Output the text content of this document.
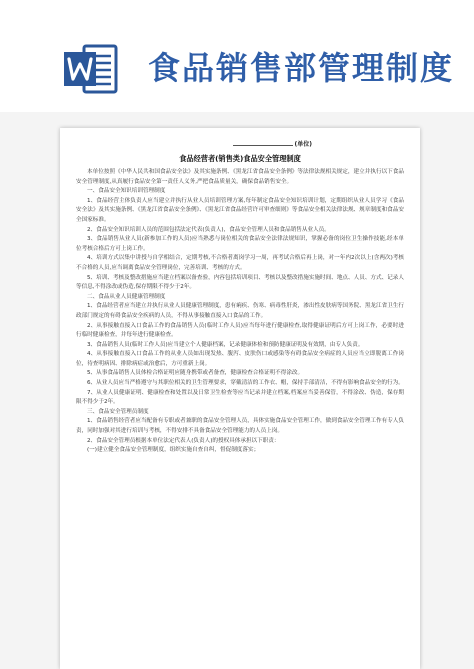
食品销售部管理制度
(单位)
食品经营者(销售类)食品安全管理制度

本单位按照《中华人民共和国食品安全法》及其实施条例、《黑龙江省食品安全条例》等法律法规相关规定，建立并执行以下食品安全管理制度,从真履行食品安全第一责任人义务,严把食品质量关，确保食品销售安全。

一、食品安全知识培训管理制度

1、食品经营主体负责人应当建立并执行从业人员培训管理方案,每年制定食品安全知识培训计划，定期组织从业人员学习《食品安全法》及其实施条例、《黑龙江省食品安全条例》、《黑龙江省食品经营许可审查细则》等食品安全相关法律法规、规章制度和食品安全国家标准。

2、食品安全知识培训人员的范围包括法定代表(负责人)，食品安全管理人员和食品销售从业人员。

3、食品销售从业人员(新参加工作的人员)应当熟悉与岗位相关的食品安全法律法规知识，掌握必备的岗位卫生操作技能,经本单位考核合格后方可上岗工作。

4、培训方式以集中讲授与自学相结合，定期考核,不合格者离岗学习一周，再考试合格后再上岗，对一年内2次以上(含两次)考核不合格的人员,应当调离食品安全管理岗位，完善培训、考核的方式。

5、培训、考核及整改措施应当建立档案以备查验，内容包括培训项目、考核以及整改措施实施时间、地点、人员、方式、记录人等信息,不得涂改或伪造,保存期限不得少于2年。

二、食品从业人员健康管理制度

1、食品经营者应当建立并执行从业人员健康管理制度，患有痢疾、伤寒、病毒性肝炎，渗出性皮肤病等国务院、黑龙江省卫生行政部门规定的有碍食品安全疾病的人员，不得从事接触直接入口食品的工作。

2、从事接触直接入口食品工作的食品销售人员(临时工作人员)应当每年进行健康检查,取得健康证明后方可上岗工作，必要时进行临时健康检查，并每年进行健康检查。

3、食品销售人员(临时工作人员)应当建立个人健康档案，记录健康体检和预防健康证明及有效期，由专人负责。

4、从事接触直接入口食品工作的从业人员如出现发热、腹泻、皮肤伤口或感染等有碍食品安全病症的人员应当立即脱离工作岗位，待查明病因、排除病症或治愈后，方可重新上岗。

5、从事食品销售人员体检合格证明应随身携带或者备查，健康检查合格证明不得涂改。

6、从业人员应当严格遵守与其职位相关的卫生管理要求，穿戴清洁的工作衣、帽，保持手部清洁，不得有影响食品安全的行为。

7、从业人员健康证明、健康检查和处置以及日常卫生检查等应当记录并建立档案,档案应当妥善保管，不得涂改、伪造，保存期限不得少于2年。

三、食品安全管理员制度

1、食品销售经营者应当配备有专职或者兼职的食品安全管理人员，具体实施食品安全管理工作，做到食品安全管理工作有专人负责，同时加强对其进行培训与考核，不得安排不具备食品安全管理能力的人员上岗。

2、食品安全管理员根据本单位法定代表人(负责人)的授权具体承担以下职责：

(一)建立健全食品安全管理制度，组织实施自查自纠，督促制度落实；
